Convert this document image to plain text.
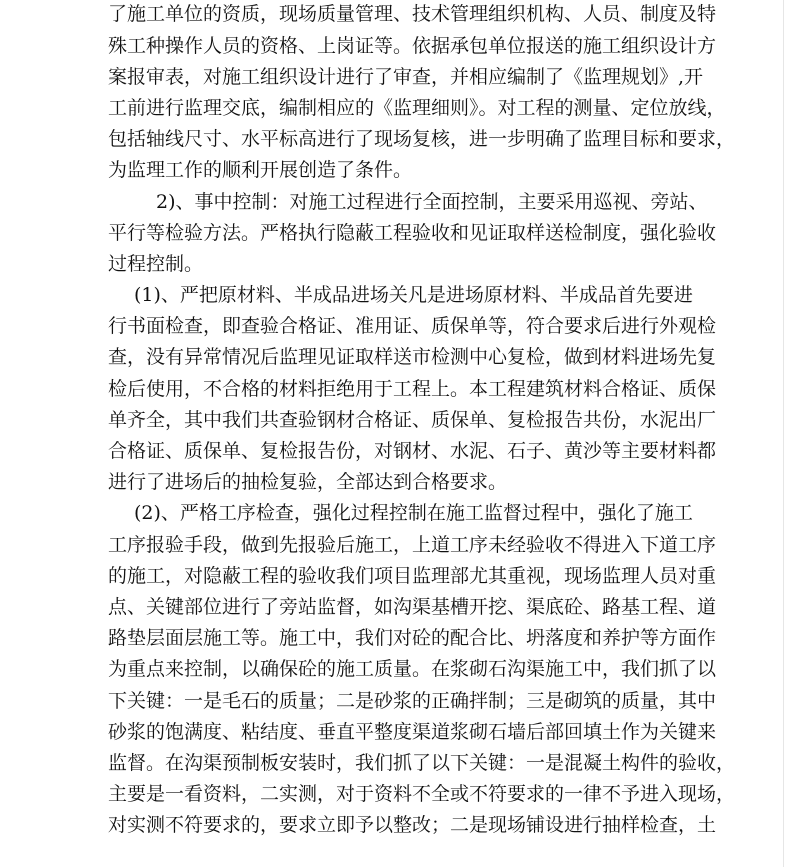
了施工单位的资质，现场质量管理、技术管理组织机构、人员、制度及特
殊工种操作人员的资格、上岗证等。依据承包单位报送的施工组织设计方
案报审表，对施工组织设计进行了审查，并相应编制了《监理规划》,开
工前进行监理交底，编制相应的《监理细则》。对工程的测量、定位放线，
包括轴线尺寸、水平标高进行了现场复核，进一步明确了监理目标和要求，
为监理工作的顺利开展创造了条件。
2)、事中控制：对施工过程进行全面控制，主要采用巡视、旁站、
平行等检验方法。严格执行隐蔽工程验收和见证取样送检制度，强化验收
过程控制。
(1)、严把原材料、半成品进场关凡是进场原材料、半成品首先要进
行书面检查，即查验合格证、准用证、质保单等，符合要求后进行外观检
查，没有异常情况后监理见证取样送市检测中心复检，做到材料进场先复
检后使用，不合格的材料拒绝用于工程上。本工程建筑材料合格证、质保
单齐全，其中我们共查验钢材合格证、质保单、复检报告共份，水泥出厂
合格证、质保单、复检报告份，对钢材、水泥、石子、黄沙等主要材料都
进行了进场后的抽检复验，全部达到合格要求。
(2)、严格工序检查，强化过程控制在施工监督过程中，强化了施工
工序报验手段，做到先报验后施工，上道工序未经验收不得进入下道工序
的施工，对隐蔽工程的验收我们项目监理部尤其重视，现场监理人员对重
点、关键部位进行了旁站监督，如沟渠基槽开挖、渠底砼、路基工程、道
路垫层面层施工等。施工中，我们对砼的配合比、坍落度和养护等方面作
为重点来控制，以确保砼的施工质量。在浆砌石沟渠施工中，我们抓了以
下关键：一是毛石的质量；二是砂浆的正确拌制；三是砌筑的质量，其中
砂浆的饱满度、粘结度、垂直平整度渠道浆砌石墙后部回填土作为关键来
监督。在沟渠预制板安装时，我们抓了以下关键：一是混凝土构件的验收，
主要是一看资料，二实测，对于资料不全或不符要求的一律不予进入现场，
对实测不符要求的，要求立即予以整改；二是现场铺设进行抽样检查，土
